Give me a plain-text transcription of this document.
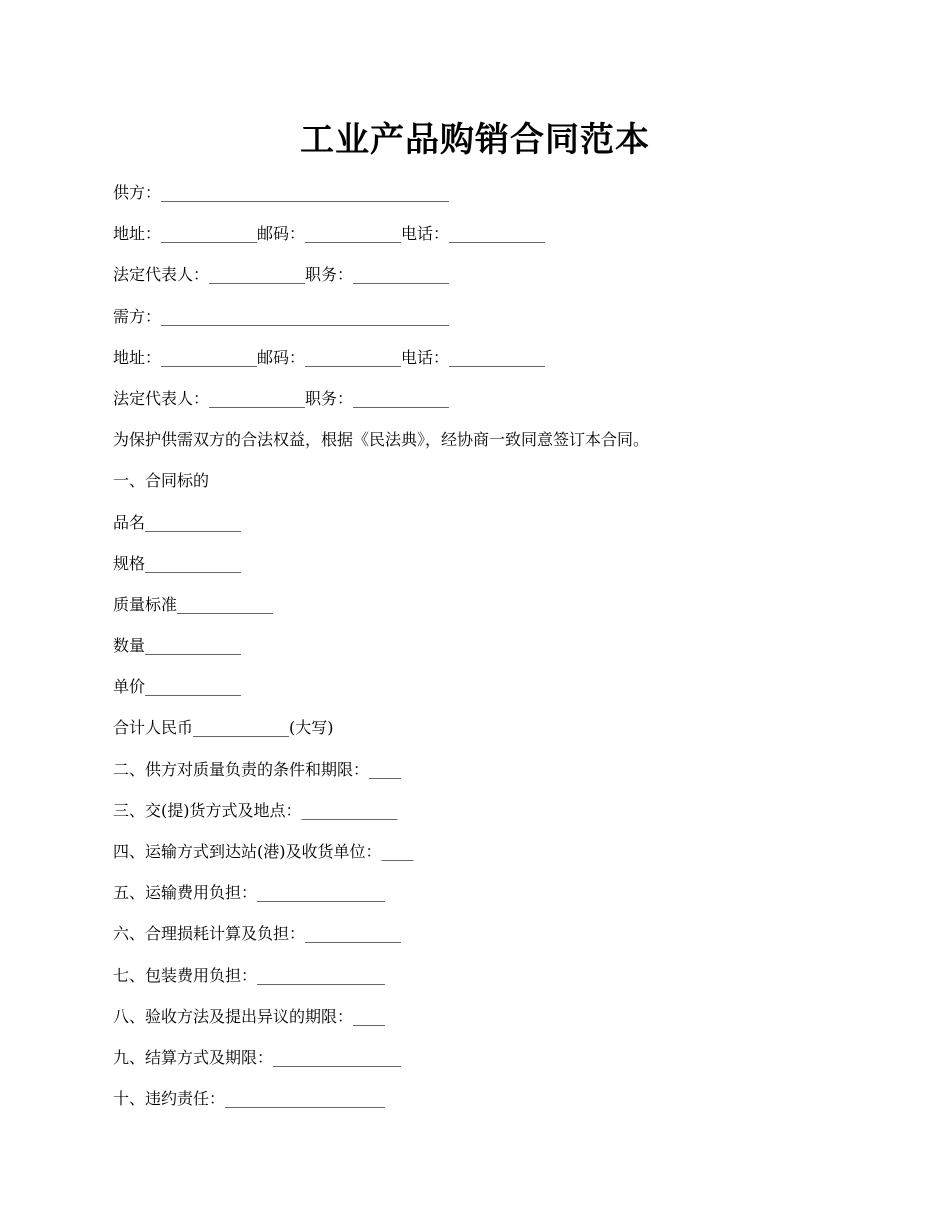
工业产品购销合同范本
供方：____________________________________
地址：____________邮码：____________电话：____________
法定代表人：____________职务：____________
需方：____________________________________
地址：____________邮码：____________电话：____________
法定代表人：____________职务：____________
为保护供需双方的合法权益，根据《民法典》，经协商一致同意签订本合同。
一、合同标的
品名____________
规格____________
质量标准____________
数量____________
单价____________
合计人民币____________(大写)
二、供方对质量负责的条件和期限：____
三、交(提)货方式及地点：____________
四、运输方式到达站(港)及收货单位：____
五、运输费用负担：________________
六、合理损耗计算及负担：____________
七、包装费用负担：________________
八、验收方法及提出异议的期限：____
九、结算方式及期限：________________
十、违约责任：____________________
